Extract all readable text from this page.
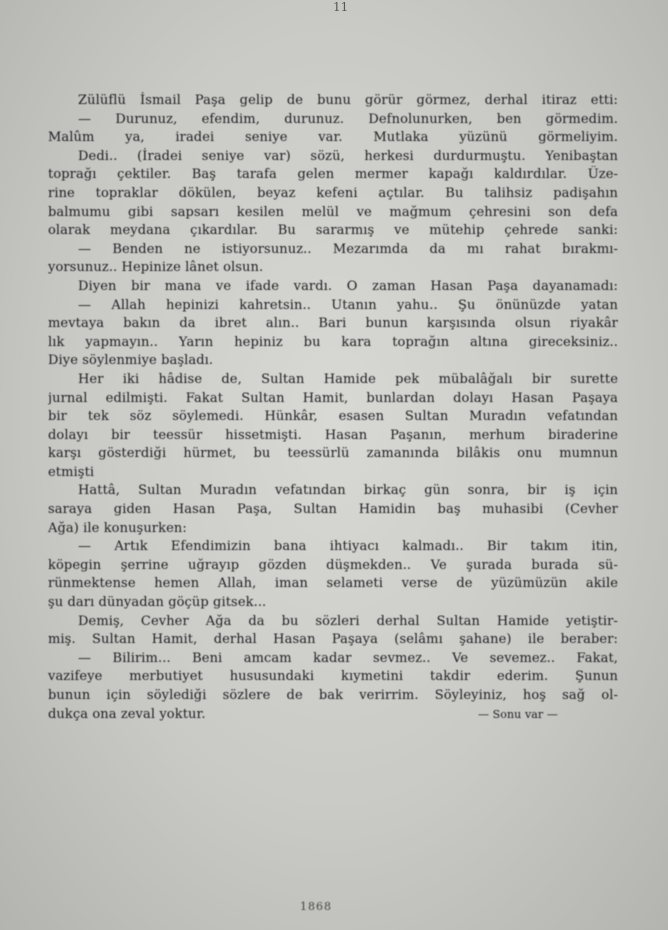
11
Zülüflü İsmail Paşa gelip de bunu görür görmez, derhal itiraz etti:
— Durunuz, efendim, durunuz. Defnolunurken, ben görmedim.
Malûm ya, iradei seniye var. Mutlaka yüzünü görmeliyim.
Dedi.. (İradei seniye var) sözü, herkesi durdurmuştu. Yenibaştan
toprağı çektiler. Baş tarafa gelen mermer kapağı kaldırdılar. Üze-
rine topraklar dökülen, beyaz kefeni açtılar. Bu talihsiz padişahın
balmumu gibi sapsarı kesilen melül ve mağmum çehresini son defa
olarak meydana çıkardılar. Bu sararmış ve mütehip çehrede sanki:
— Benden ne istiyorsunuz.. Mezarımda da mı rahat bırakmı-
yorsunuz.. Hepinize lânet olsun.
Diyen bir mana ve ifade vardı. O zaman Hasan Paşa dayanamadı:
— Allah hepinizi kahretsin.. Utanın yahu.. Şu önünüzde yatan
mevtaya bakın da ibret alın.. Bari bunun karşısında olsun riyakâr
lık yapmayın.. Yarın hepiniz bu kara toprağın altına gireceksiniz..
Diye söylenmiye başladı.
Her iki hâdise de, Sultan Hamide pek mübalâğalı bir surette
jurnal edilmişti. Fakat Sultan Hamit, bunlardan dolayı Hasan Paşaya
bir tek söz söylemedi. Hünkâr, esasen Sultan Muradın vefatından
dolayı bir teessür hissetmişti. Hasan Paşanın, merhum biraderine
karşı gösterdiği hürmet, bu teessürlü zamanında bilâkis onu mumnun
etmişti
Hattâ, Sultan Muradın vefatından birkaç gün sonra, bir iş için
saraya giden Hasan Paşa, Sultan Hamidin baş muhasibi (Cevher
Ağa) ile konuşurken:
— Artık Efendimizin bana ihtiyacı kalmadı.. Bir takım itin,
köpegin şerrine uğrayıp gözden düşmekden.. Ve şurada burada sü-
rünmektense hemen Allah, iman selameti verse de yüzümüzün akile
şu darı dünyadan göçüp gitsek...
Demiş, Cevher Ağa da bu sözleri derhal Sultan Hamide yetiştir-
miş. Sultan Hamit, derhal Hasan Paşaya (selâmı şahane) ile beraber:
— Bilirim... Beni amcam kadar sevmez.. Ve sevemez.. Fakat,
vazifeye merbutiyet hususundaki kıymetini takdir ederim. Şunun
bunun için söylediği sözlere de bak verirrim. Söyleyiniz, hoş sağ ol-
dukça ona zeval yoktur.	— Sonu var —
1868
